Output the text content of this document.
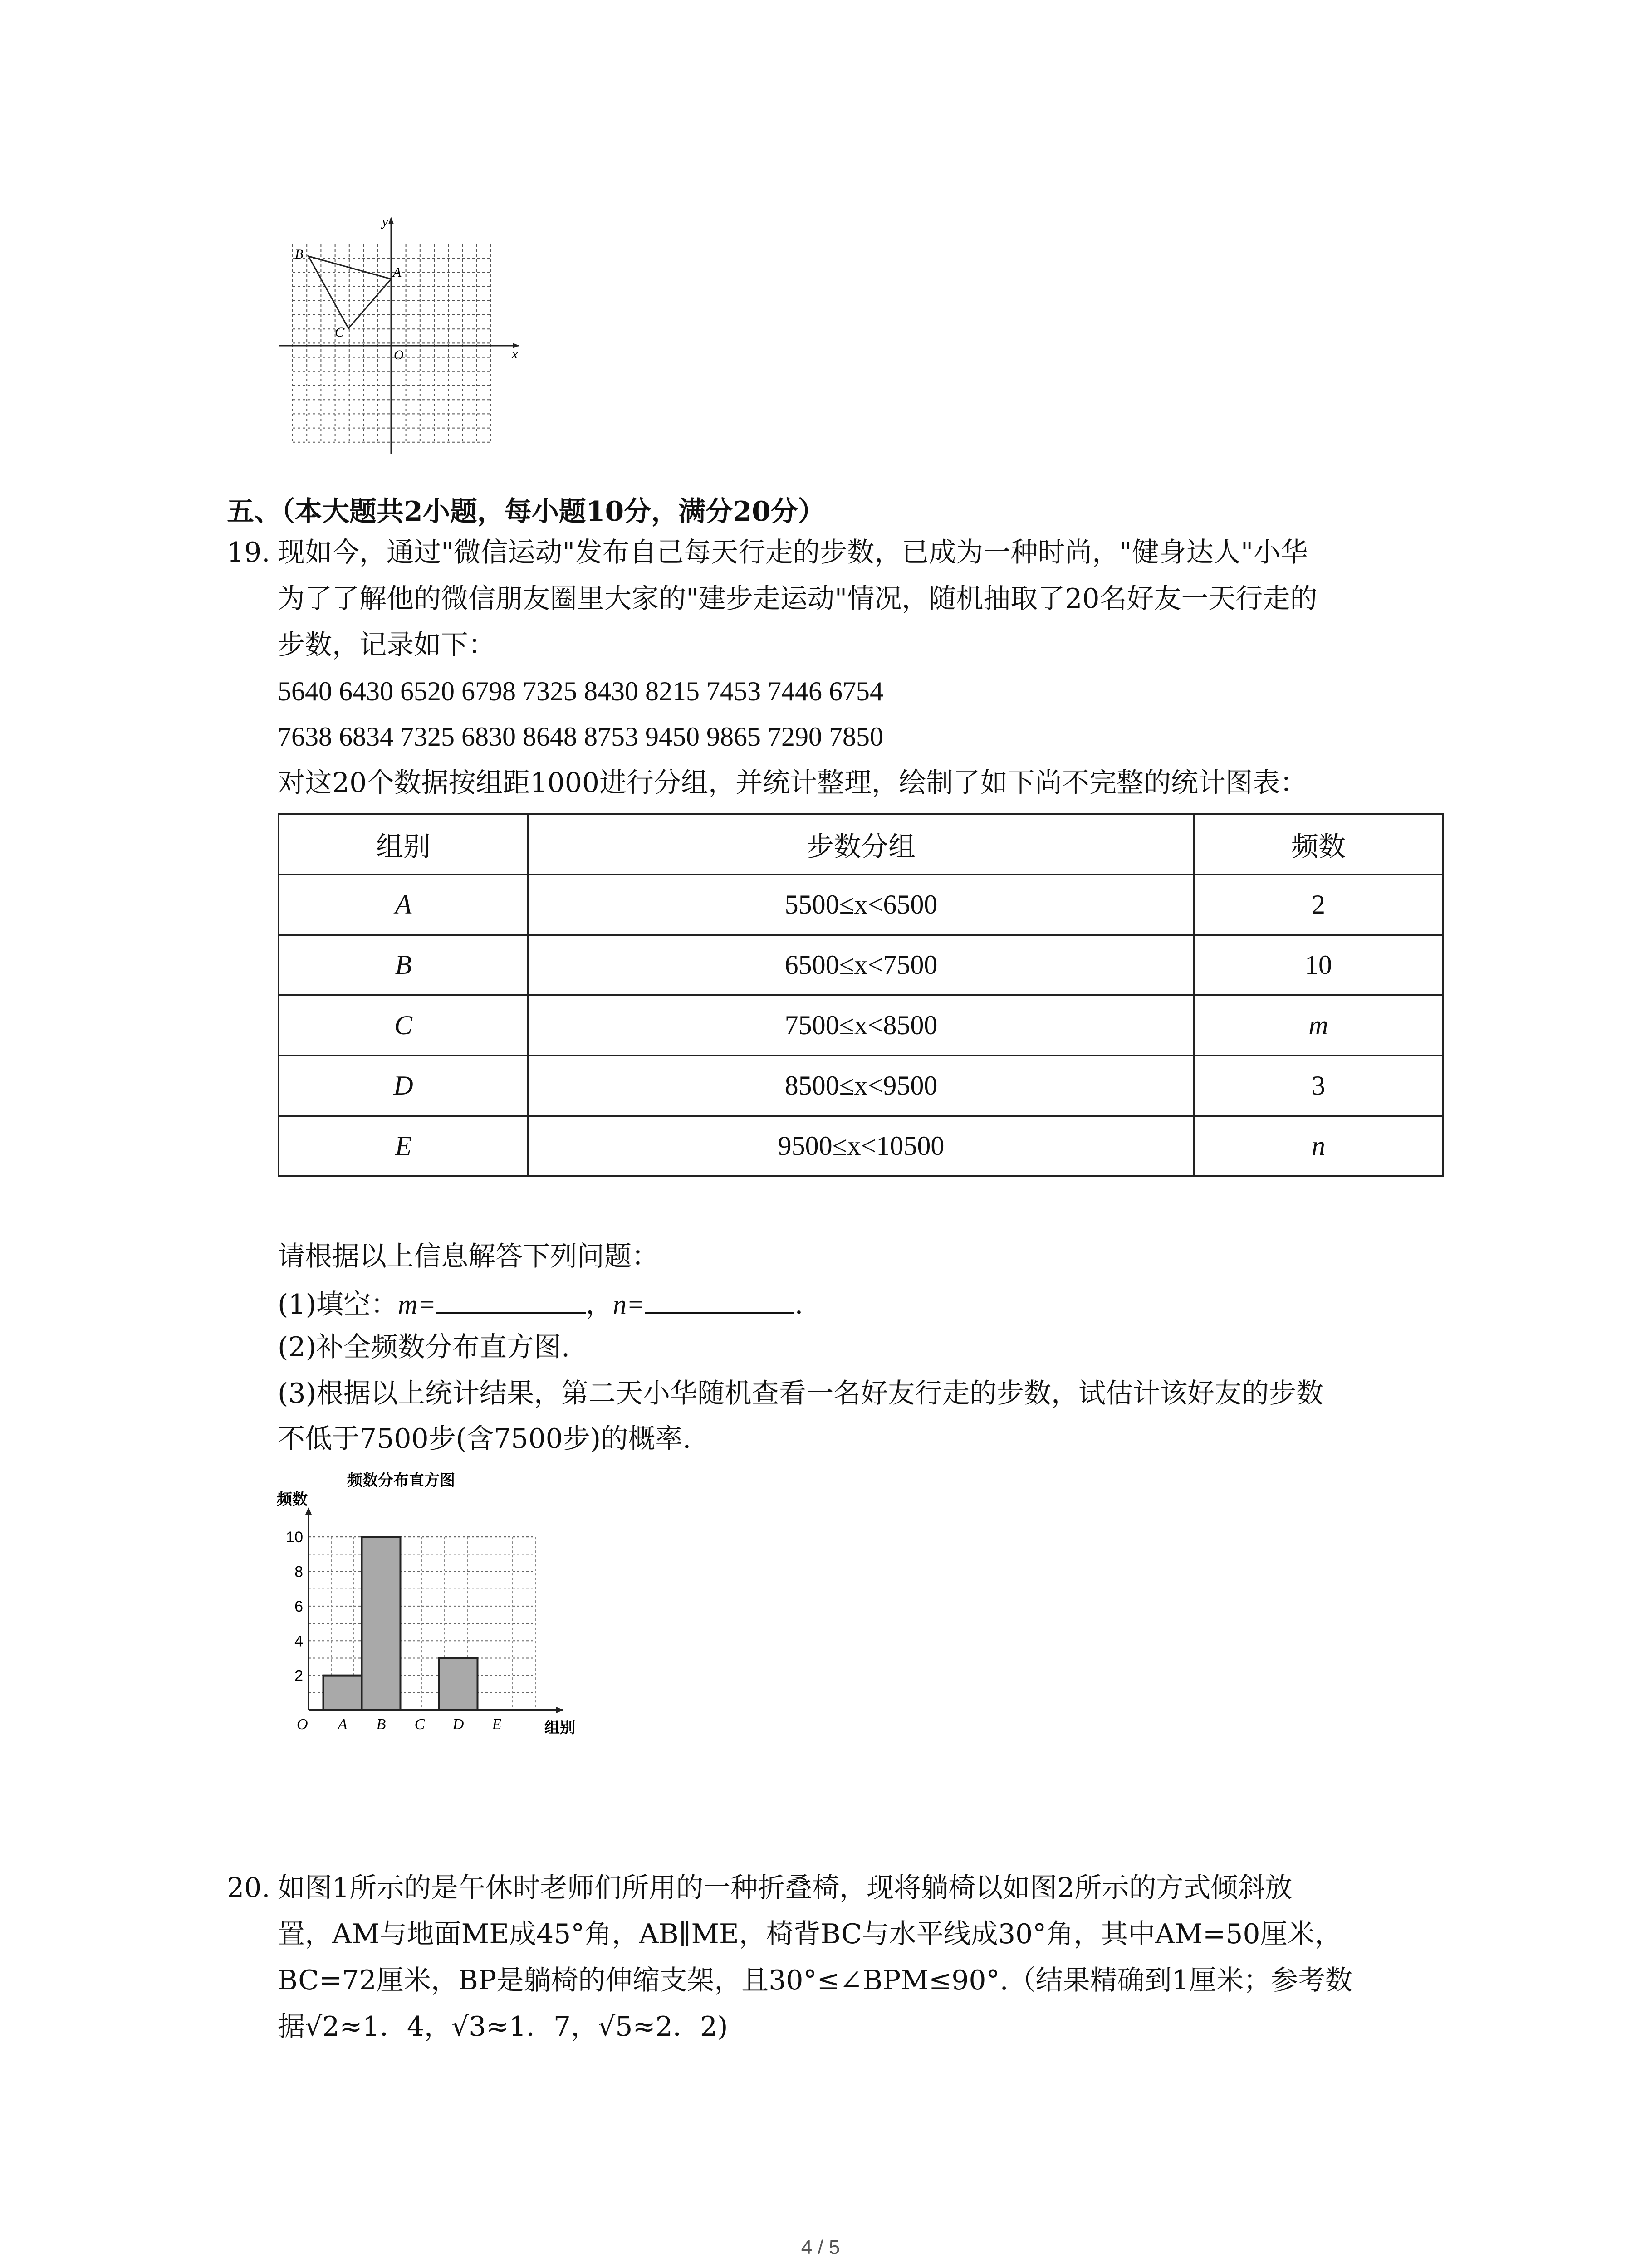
y
x
O
B
A
C
五、（本大题共2小题，每小题10分，满分20分）
19. 现如今，通过"微信运动"发布自己每天行走的步数，已成为一种时尚，"健身达人"小华
为了了解他的微信朋友圈里大家的"建步走运动"情况，随机抽取了20名好友一天行走的
步数，记录如下：
5640 6430 6520 6798 7325 8430 8215 7453 7446 6754
7638 6834 7325 6830 8648 8753 9450 9865 7290 7850
对这20个数据按组距1000进行分组，并统计整理，绘制了如下尚不完整的统计图表：
组别	步数分组	频数
A	5500≤x<6500	2
B	6500≤x<7500	10
C	7500≤x<8500	m
D	8500≤x<9500	3
E	9500≤x<10500	n
请根据以上信息解答下列问题：
(1)填空：m=	，n=	.
(2)补全频数分布直方图.
(3)根据以上统计结果，第二天小华随机查看一名好友行走的步数，试估计该好友的步数
不低于7500步(含7500步)的概率.
频数分布直方图
频数
2
4
6
8
10
A B C D E
O	组别
20. 如图1所示的是午休时老师们所用的一种折叠椅，现将躺椅以如图2所示的方式倾斜放
置，AM与地面ME成45°角，AB∥ME，椅背BC与水平线成30°角，其中AM=50厘米，
BC=72厘米，BP是躺椅的伸缩支架，且30°≤∠BPM≤90°.（结果精确到1厘米；参考数
据√2≈1．4，√3≈1．7，√5≈2．2)
4 / 5
